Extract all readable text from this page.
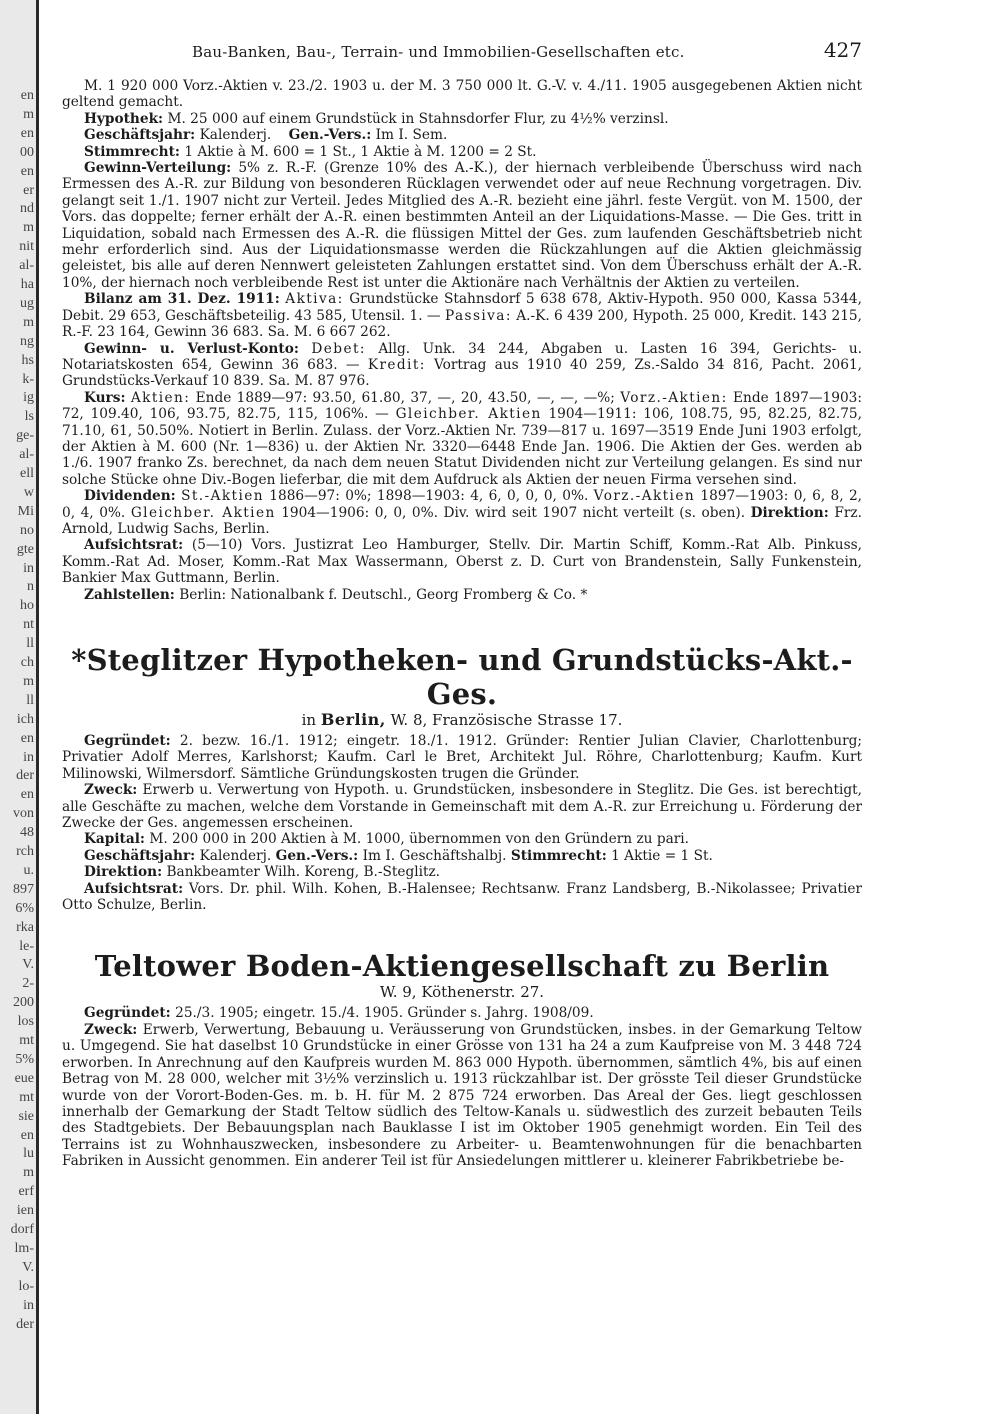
en
m
en
00
en
er
nd
m
nit
al-
ha
ug
m
ng
hs
k-
ig
ls
ge-
al-
ell
w
Mi
no
gte
in
n
ho
nt
ll
ch
m
ll
ich
en
in
der
en
von
48
rch
u.
897
6%
rka
le-
V.
2-
200
los
mt
5%
eue
mt
sie
en
lu
m
erf
ien
dorf
lm-
V.
lo-
in
der
Bau-Banken, Bau-, Terrain- und Immobilien-Gesellschaften etc.	427

M. 1 920 000 Vorz.-Aktien v. 23./2. 1903 u. der M. 3 750 000 lt. G.-V. v. 4./11. 1905 ausgegebenen Aktien nicht geltend gemacht.

Hypothek: M. 25 000 auf einem Grundstück in Stahnsdorfer Flur, zu 4½% verzinsl.

Geschäftsjahr: Kalenderj. Gen.-Vers.: Im I. Sem.

Stimmrecht: 1 Aktie à M. 600 = 1 St., 1 Aktie à M. 1200 = 2 St.

Gewinn-Verteilung: 5% z. R.-F. (Grenze 10% des A.-K.), der hiernach verbleibende Überschuss wird nach Ermessen des A.-R. zur Bildung von besonderen Rücklagen verwendet oder auf neue Rechnung vorgetragen. Div. gelangt seit 1./1. 1907 nicht zur Verteil. Jedes Mitglied des A.-R. bezieht eine jährl. feste Vergüt. von M. 1500, der Vors. das doppelte; ferner erhält der A.-R. einen bestimmten Anteil an der Liquidations-Masse. — Die Ges. tritt in Liquidation, sobald nach Ermessen des A.-R. die flüssigen Mittel der Ges. zum laufenden Geschäftsbetrieb nicht mehr erforderlich sind. Aus der Liquidationsmasse werden die Rückzahlungen auf die Aktien gleichmässig geleistet, bis alle auf deren Nennwert geleisteten Zahlungen erstattet sind. Von dem Überschuss erhält der A.-R. 10%, der hiernach noch verbleibende Rest ist unter die Aktionäre nach Verhältnis der Aktien zu verteilen.

Bilanz am 31. Dez. 1911: Aktiva: Grundstücke Stahnsdorf 5 638 678, Aktiv-Hypoth. 950 000, Kassa 5344, Debit. 29 653, Geschäftsbeteilig. 43 585, Utensil. 1. — Passiva: A.-K. 6 439 200, Hypoth. 25 000, Kredit. 143 215, R.-F. 23 164, Gewinn 36 683. Sa. M. 6 667 262.

Gewinn- u. Verlust-Konto: Debet: Allg. Unk. 34 244, Abgaben u. Lasten 16 394, Gerichts- u. Notariatskosten 654, Gewinn 36 683. — Kredit: Vortrag aus 1910 40 259, Zs.-Saldo 34 816, Pacht. 2061, Grundstücks-Verkauf 10 839. Sa. M. 87 976.

Kurs: Aktien: Ende 1889—97: 93.50, 61.80, 37, —, 20, 43.50, —, —, —%; Vorz.-Aktien: Ende 1897—1903: 72, 109.40, 106, 93.75, 82.75, 115, 106%. — Gleichber. Aktien 1904—1911: 106, 108.75, 95, 82.25, 82.75, 71.10, 61, 50.50%. Notiert in Berlin. Zulass. der Vorz.-Aktien Nr. 739—817 u. 1697—3519 Ende Juni 1903 erfolgt, der Aktien à M. 600 (Nr. 1—836) u. der Aktien Nr. 3320—6448 Ende Jan. 1906. Die Aktien der Ges. werden ab 1./6. 1907 franko Zs. berechnet, da nach dem neuen Statut Dividenden nicht zur Verteilung gelangen. Es sind nur solche Stücke ohne Div.-Bogen lieferbar, die mit dem Aufdruck als Aktien der neuen Firma versehen sind.

Dividenden: St.-Aktien 1886—97: 0%; 1898—1903: 4, 6, 0, 0, 0, 0%. Vorz.-Aktien 1897—1903: 0, 6, 8, 2, 0, 4, 0%. Gleichber. Aktien 1904—1906: 0, 0, 0%. Div. wird seit 1907 nicht verteilt (s. oben). Direktion: Frz. Arnold, Ludwig Sachs, Berlin.

Aufsichtsrat: (5—10) Vors. Justizrat Leo Hamburger, Stellv. Dir. Martin Schiff, Komm.-Rat Alb. Pinkuss, Komm.-Rat Ad. Moser, Komm.-Rat Max Wassermann, Oberst z. D. Curt von Brandenstein, Sally Funkenstein, Bankier Max Guttmann, Berlin.

Zahlstellen: Berlin: Nationalbank f. Deutschl., Georg Fromberg & Co. *

*Steglitzer Hypotheken- und Grundstücks-Akt.-Ges.

in Berlin, W. 8, Französische Strasse 17.

Gegründet: 2. bezw. 16./1. 1912; eingetr. 18./1. 1912. Gründer: Rentier Julian Clavier, Charlottenburg; Privatier Adolf Merres, Karlshorst; Kaufm. Carl le Bret, Architekt Jul. Röhre, Charlottenburg; Kaufm. Kurt Milinowski, Wilmersdorf. Sämtliche Gründungskosten trugen die Gründer.

Zweck: Erwerb u. Verwertung von Hypoth. u. Grundstücken, insbesondere in Steglitz. Die Ges. ist berechtigt, alle Geschäfte zu machen, welche dem Vorstande in Gemeinschaft mit dem A.-R. zur Erreichung u. Förderung der Zwecke der Ges. angemessen erscheinen.

Kapital: M. 200 000 in 200 Aktien à M. 1000, übernommen von den Gründern zu pari.

Geschäftsjahr: Kalenderj. Gen.-Vers.: Im I. Geschäftshalbj. Stimmrecht: 1 Aktie = 1 St.

Direktion: Bankbeamter Wilh. Koreng, B.-Steglitz.

Aufsichtsrat: Vors. Dr. phil. Wilh. Kohen, B.-Halensee; Rechtsanw. Franz Landsberg, B.-Nikolassee; Privatier Otto Schulze, Berlin.

Teltower Boden-Aktiengesellschaft zu Berlin

W. 9, Köthenerstr. 27.

Gegründet: 25./3. 1905; eingetr. 15./4. 1905. Gründer s. Jahrg. 1908/09.

Zweck: Erwerb, Verwertung, Bebauung u. Veräusserung von Grundstücken, insbes. in der Gemarkung Teltow u. Umgegend. Sie hat daselbst 10 Grundstücke in einer Grösse von 131 ha 24 a zum Kaufpreise von M. 3 448 724 erworben. In Anrechnung auf den Kaufpreis wurden M. 863 000 Hypoth. übernommen, sämtlich 4%, bis auf einen Betrag von M. 28 000, welcher mit 3½% verzinslich u. 1913 rückzahlbar ist. Der grösste Teil dieser Grundstücke wurde von der Vorort-Boden-Ges. m. b. H. für M. 2 875 724 erworben. Das Areal der Ges. liegt geschlossen innerhalb der Gemarkung der Stadt Teltow südlich des Teltow-Kanals u. südwestlich des zurzeit bebauten Teils des Stadtgebiets. Der Bebauungsplan nach Bauklasse I ist im Oktober 1905 genehmigt worden. Ein Teil des Terrains ist zu Wohnhauszwecken, insbesondere zu Arbeiter- u. Beamtenwohnungen für die benachbarten Fabriken in Aussicht genommen. Ein anderer Teil ist für Ansiedelungen mittlerer u. kleinerer Fabrikbetriebe be-
